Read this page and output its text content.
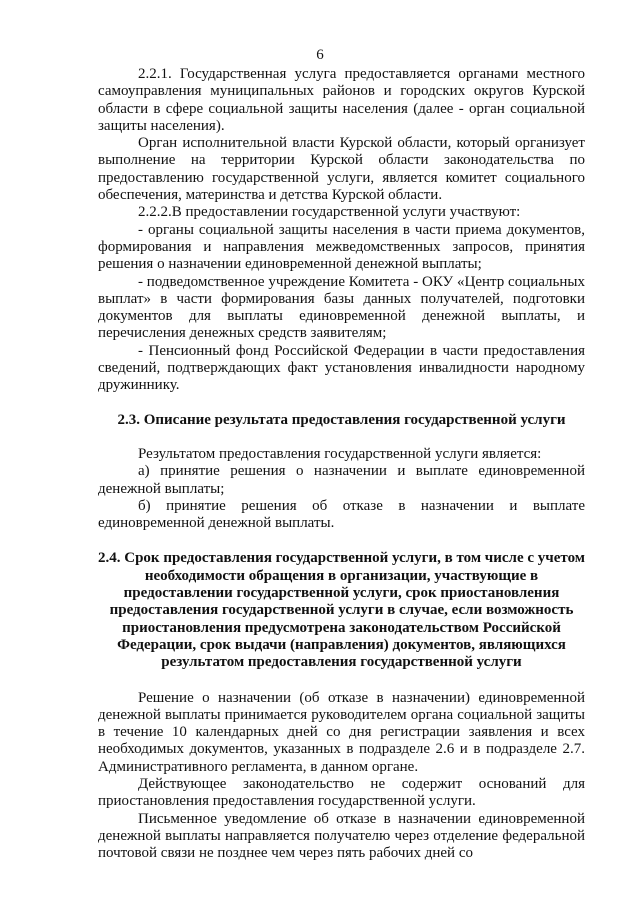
6

2.2.1. Государственная услуга предоставляется органами местного самоуправления муниципальных районов и городских округов Курской области в сфере социальной защиты населения (далее - орган социальной защиты населения).

Орган исполнительной власти Курской области, который организует выполнение на территории Курской области законодательства по предоставлению государственной услуги, является комитет социального обеспечения, материнства и детства Курской области.

2.2.2.В предоставлении государственной услуги участвуют:

- органы социальной защиты населения в части приема документов, формирования и направления межведомственных запросов, принятия решения о назначении единовременной денежной выплаты;

- подведомственное учреждение Комитета - ОКУ «Центр социальных выплат» в части формирования базы данных получателей, подготовки документов для выплаты единовременной денежной выплаты, и перечисления денежных средств заявителям;

- Пенсионный фонд Российской Федерации в части предоставления сведений, подтверждающих факт установления инвалидности народному дружиннику.

2.3. Описание результата предоставления государственной услуги

Результатом предоставления государственной услуги является:

а) принятие решения о назначении и выплате единовременной денежной выплаты;

б) принятие решения об отказе в назначении и выплате единовременной денежной выплаты.

2.4. Срок предоставления государственной услуги, в том числе с учетом необходимости обращения в организации, участвующие в предоставлении государственной услуги, срок приостановления предоставления государственной услуги в случае, если возможность приостановления предусмотрена законодательством Российской Федерации, срок выдачи (направления) документов, являющихся результатом предоставления государственной услуги

Решение о назначении (об отказе в назначении) единовременной денежной выплаты принимается руководителем органа социальной защиты в течение 10 календарных дней со дня регистрации заявления и всех необходимых документов, указанных в подразделе 2.6 и в подразделе 2.7. Административного регламента, в данном органе.

Действующее законодательство не содержит оснований для приостановления предоставления государственной услуги.

Письменное уведомление об отказе в назначении единовременной денежной выплаты направляется получателю через отделение федеральной почтовой связи не позднее чем через пять рабочих дней со
